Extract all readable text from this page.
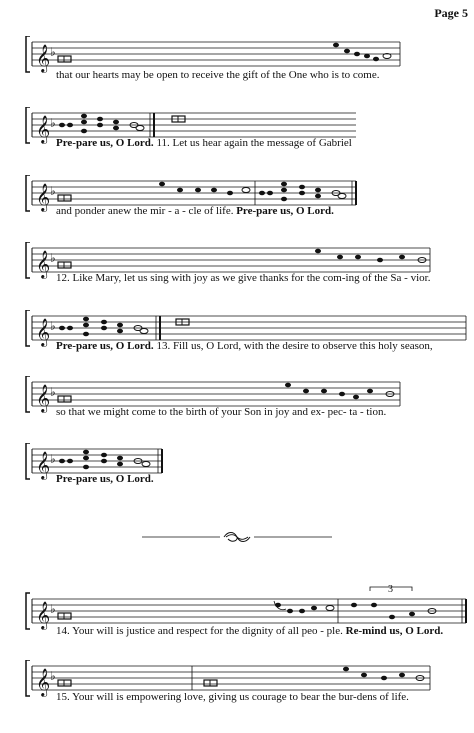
Page 5
𝄞 ♭
that our hearts may be open to receive the gift of the One who is to come.
𝄞 ♭
Pre-pare us, O Lord. 11. Let us hear again the message of Gabriel
𝄞 ♭
and ponder anew the mir - a - cle of life. Pre-pare us, O Lord.
𝄞 ♭
12. Like Mary, let us sing with joy as we give thanks for the com-ing of the Sa - vior.
𝄞 ♭
Pre-pare us, O Lord. 13. Fill us, O Lord, with the desire to observe this holy season,
𝄞 ♭
so that we might come to the birth of your Son in joy and ex- pec- ta - tion.
𝄞 ♭
Pre-pare us, O Lord.
𝄞 ♭
3
14. Your will is justice and respect for the dignity of all peo - ple. Re-mind us, O Lord.
𝄞 ♭
15. Your will is empowering love, giving us courage to bear the bur-dens of life.
